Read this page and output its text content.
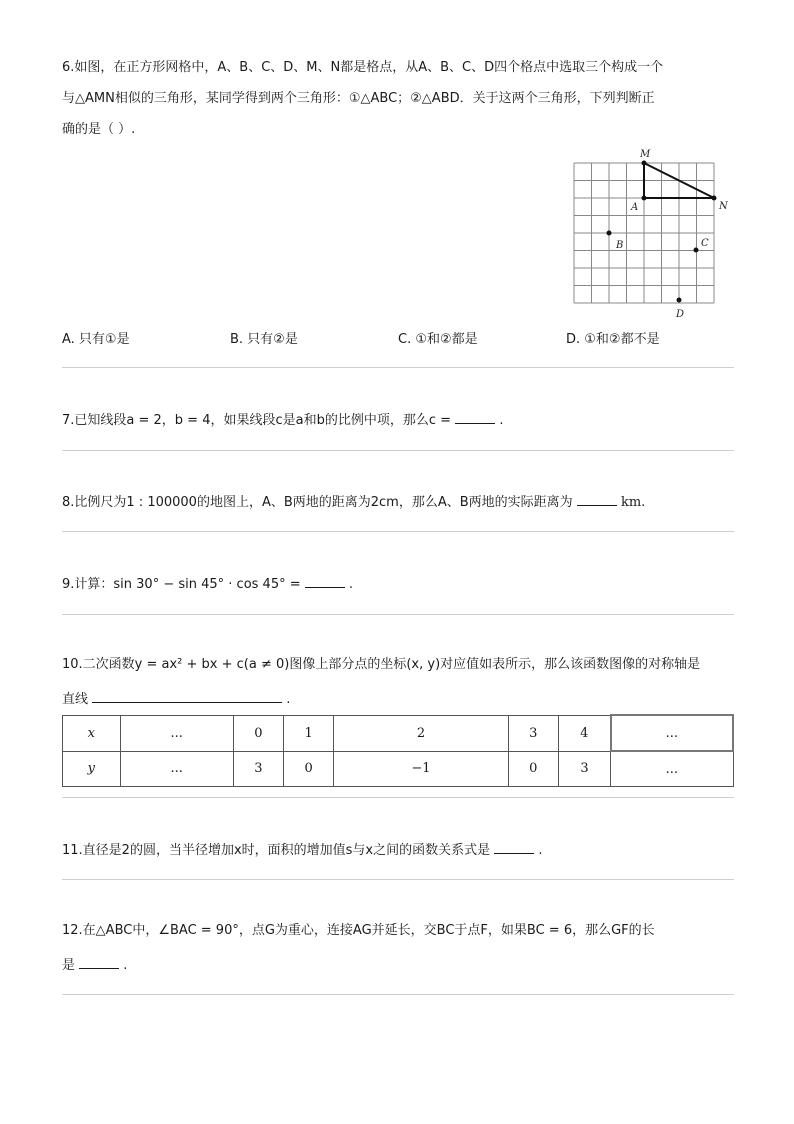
6.如图，在正方形网格中，A、B、C、D、M、N都是格点，从A、B、C、D四个格点中选取三个构成一个
与△AMN相似的三角形，某同学得到两个三角形：①△ABC；②△ABD．关于这两个三角形，下列判断正
确的是（ ）.
M
A	N
B	C
D
A. 只有①是	B. 只有②是	C. ①和②都是	D. ①和②都不是
7.已知线段a = 2，b = 4，如果线段c是a和b的比例中项，那么c =	.
8.比例尺为1 : 100000的地图上，A、B两地的距离为2cm，那么A、B两地的实际距离为	km.
9.计算：sin 30° − sin 45° · cos 45° =	.
10.二次函数y = ax² + bx + c(a ≠ 0)图像上部分点的坐标(x, y)对应值如表所示，那么该函数图像的对称轴是
直线	.
x	...	0	1	2	3	4	...
y	...	3	0	−1	0	3	...
11.直径是2的圆，当半径增加x时，面积的增加值s与x之间的函数关系式是	.
12.在△ABC中，∠BAC = 90°，点G为重心，连接AG并延长，交BC于点F，如果BC = 6，那么GF的长
是	.
